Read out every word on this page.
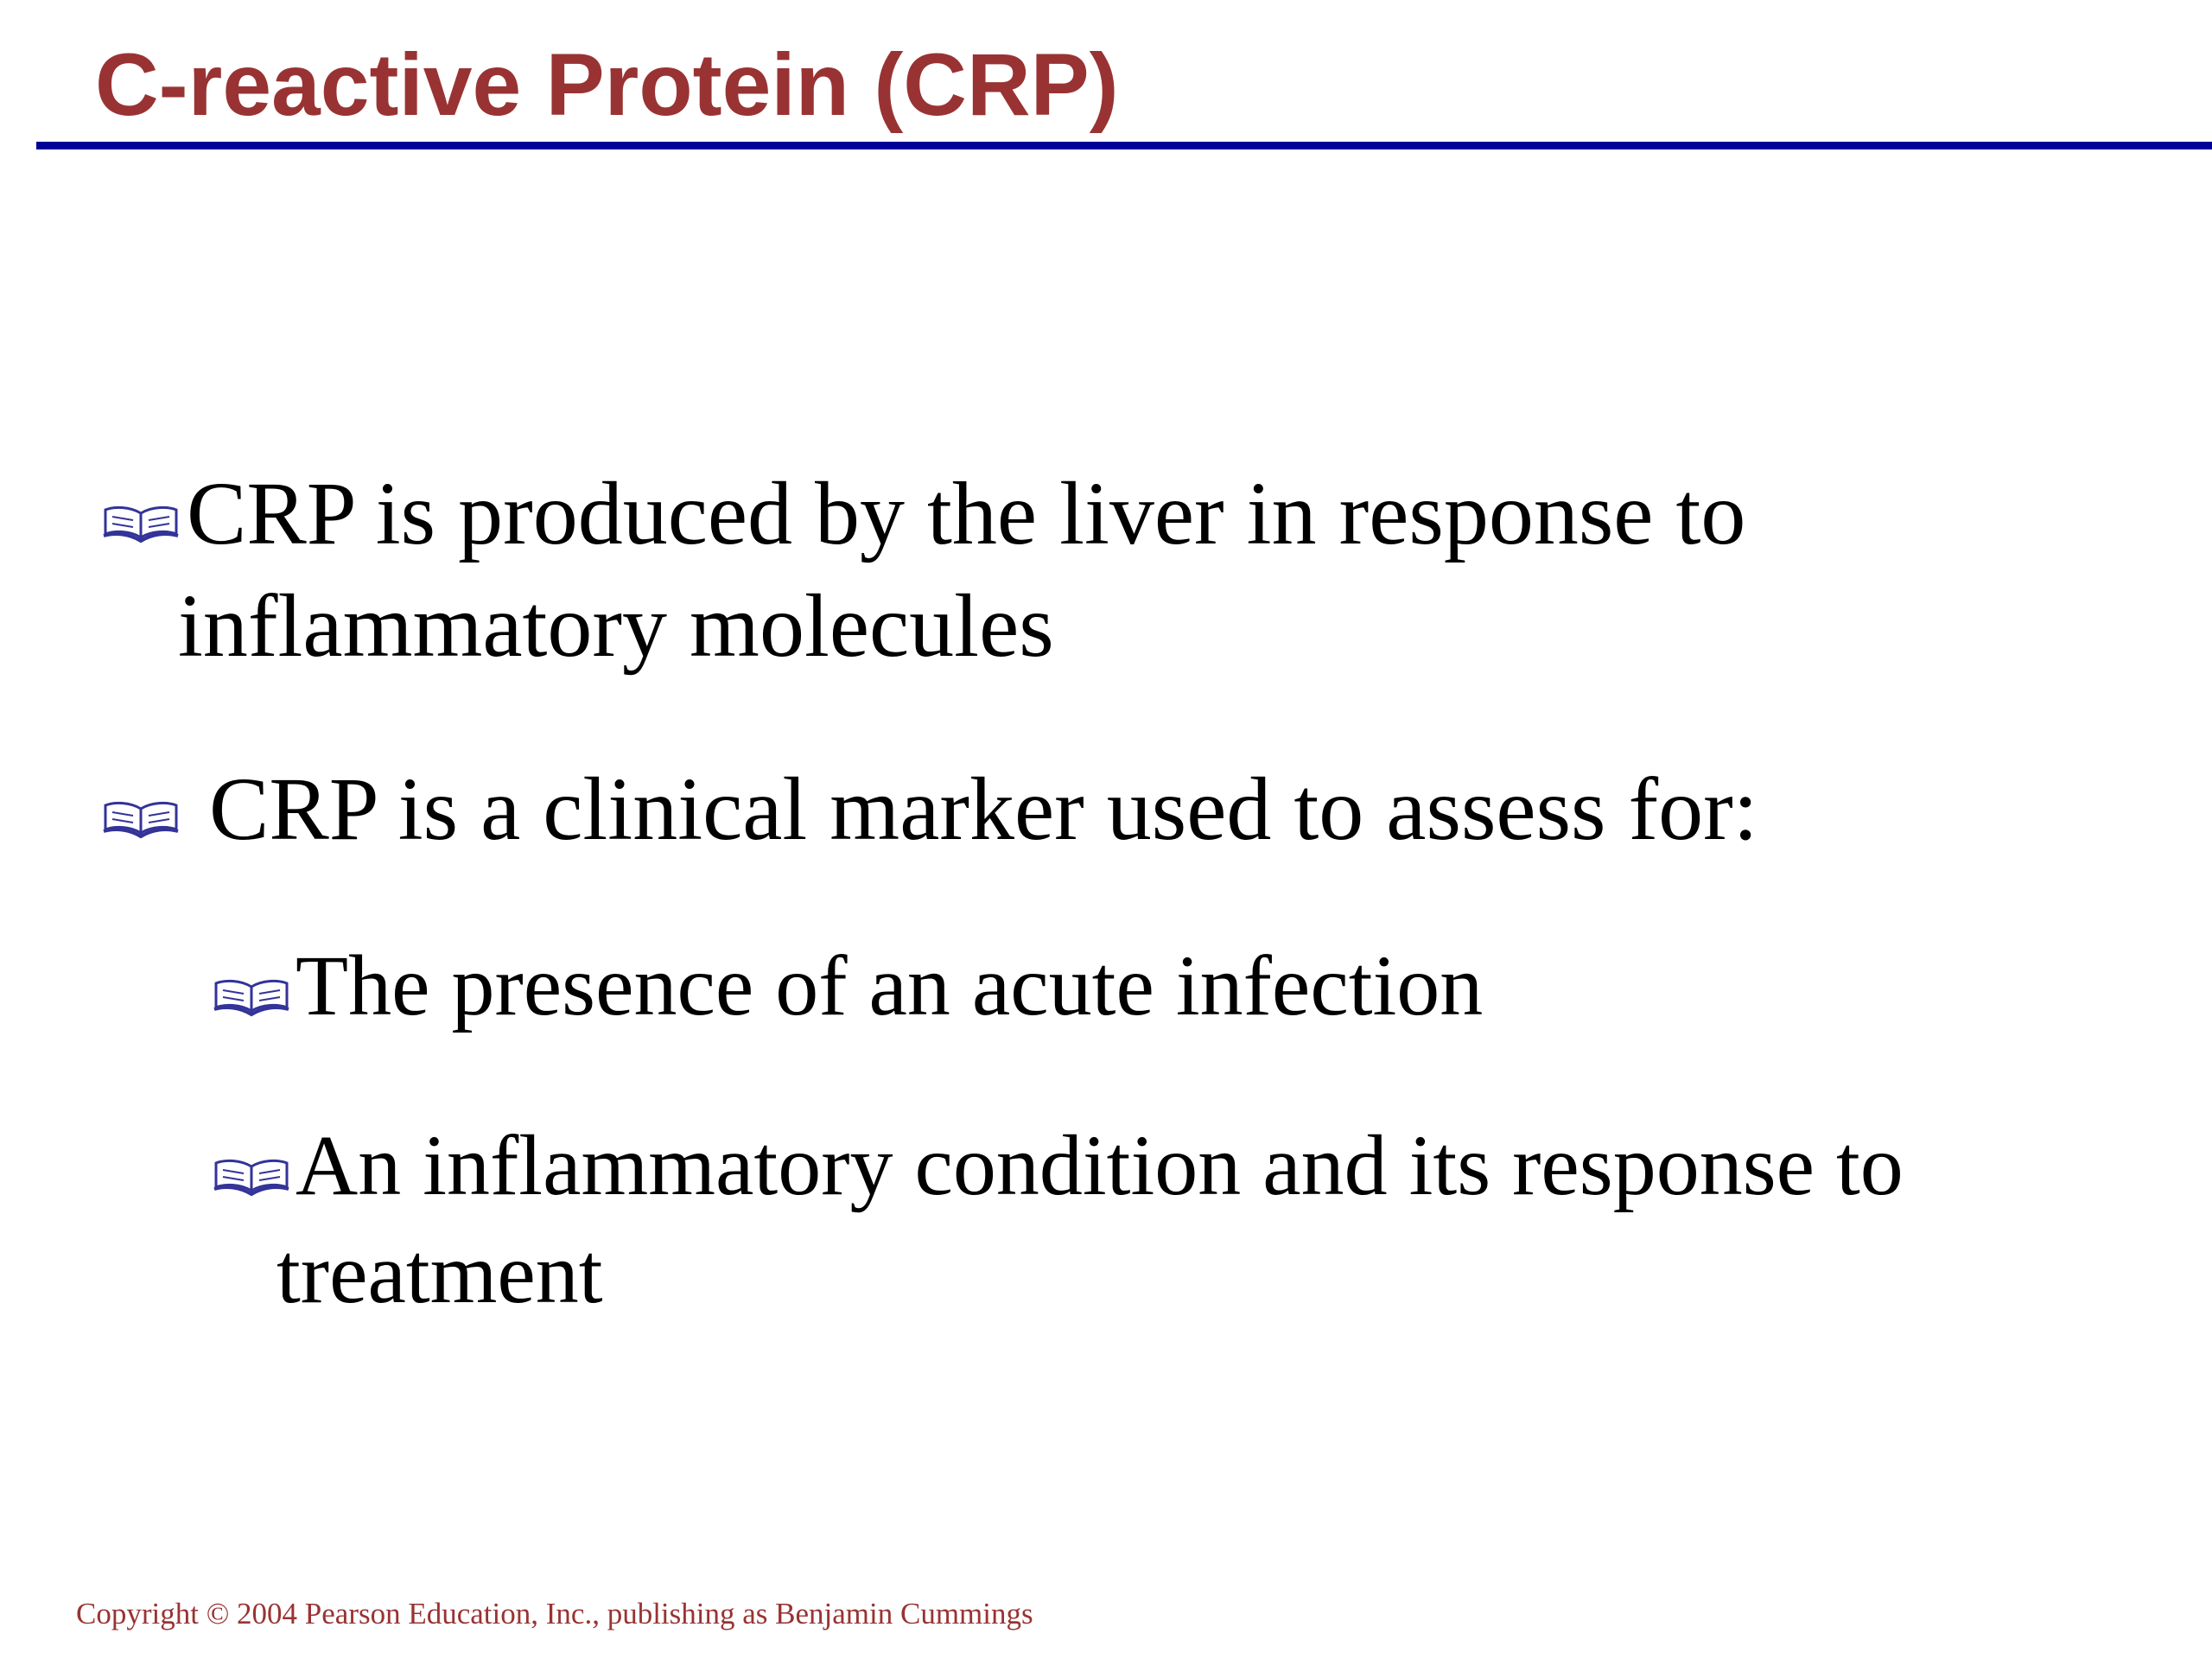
C-reactive Protein (CRP)
CRP is produced by the liver in response to
inflammatory molecules
CRP is a clinical marker used to assess for:
The presence of an acute infection
An inflammatory condition and its response to
treatment
Copyright © 2004 Pearson Education, Inc., publishing as Benjamin Cummings
